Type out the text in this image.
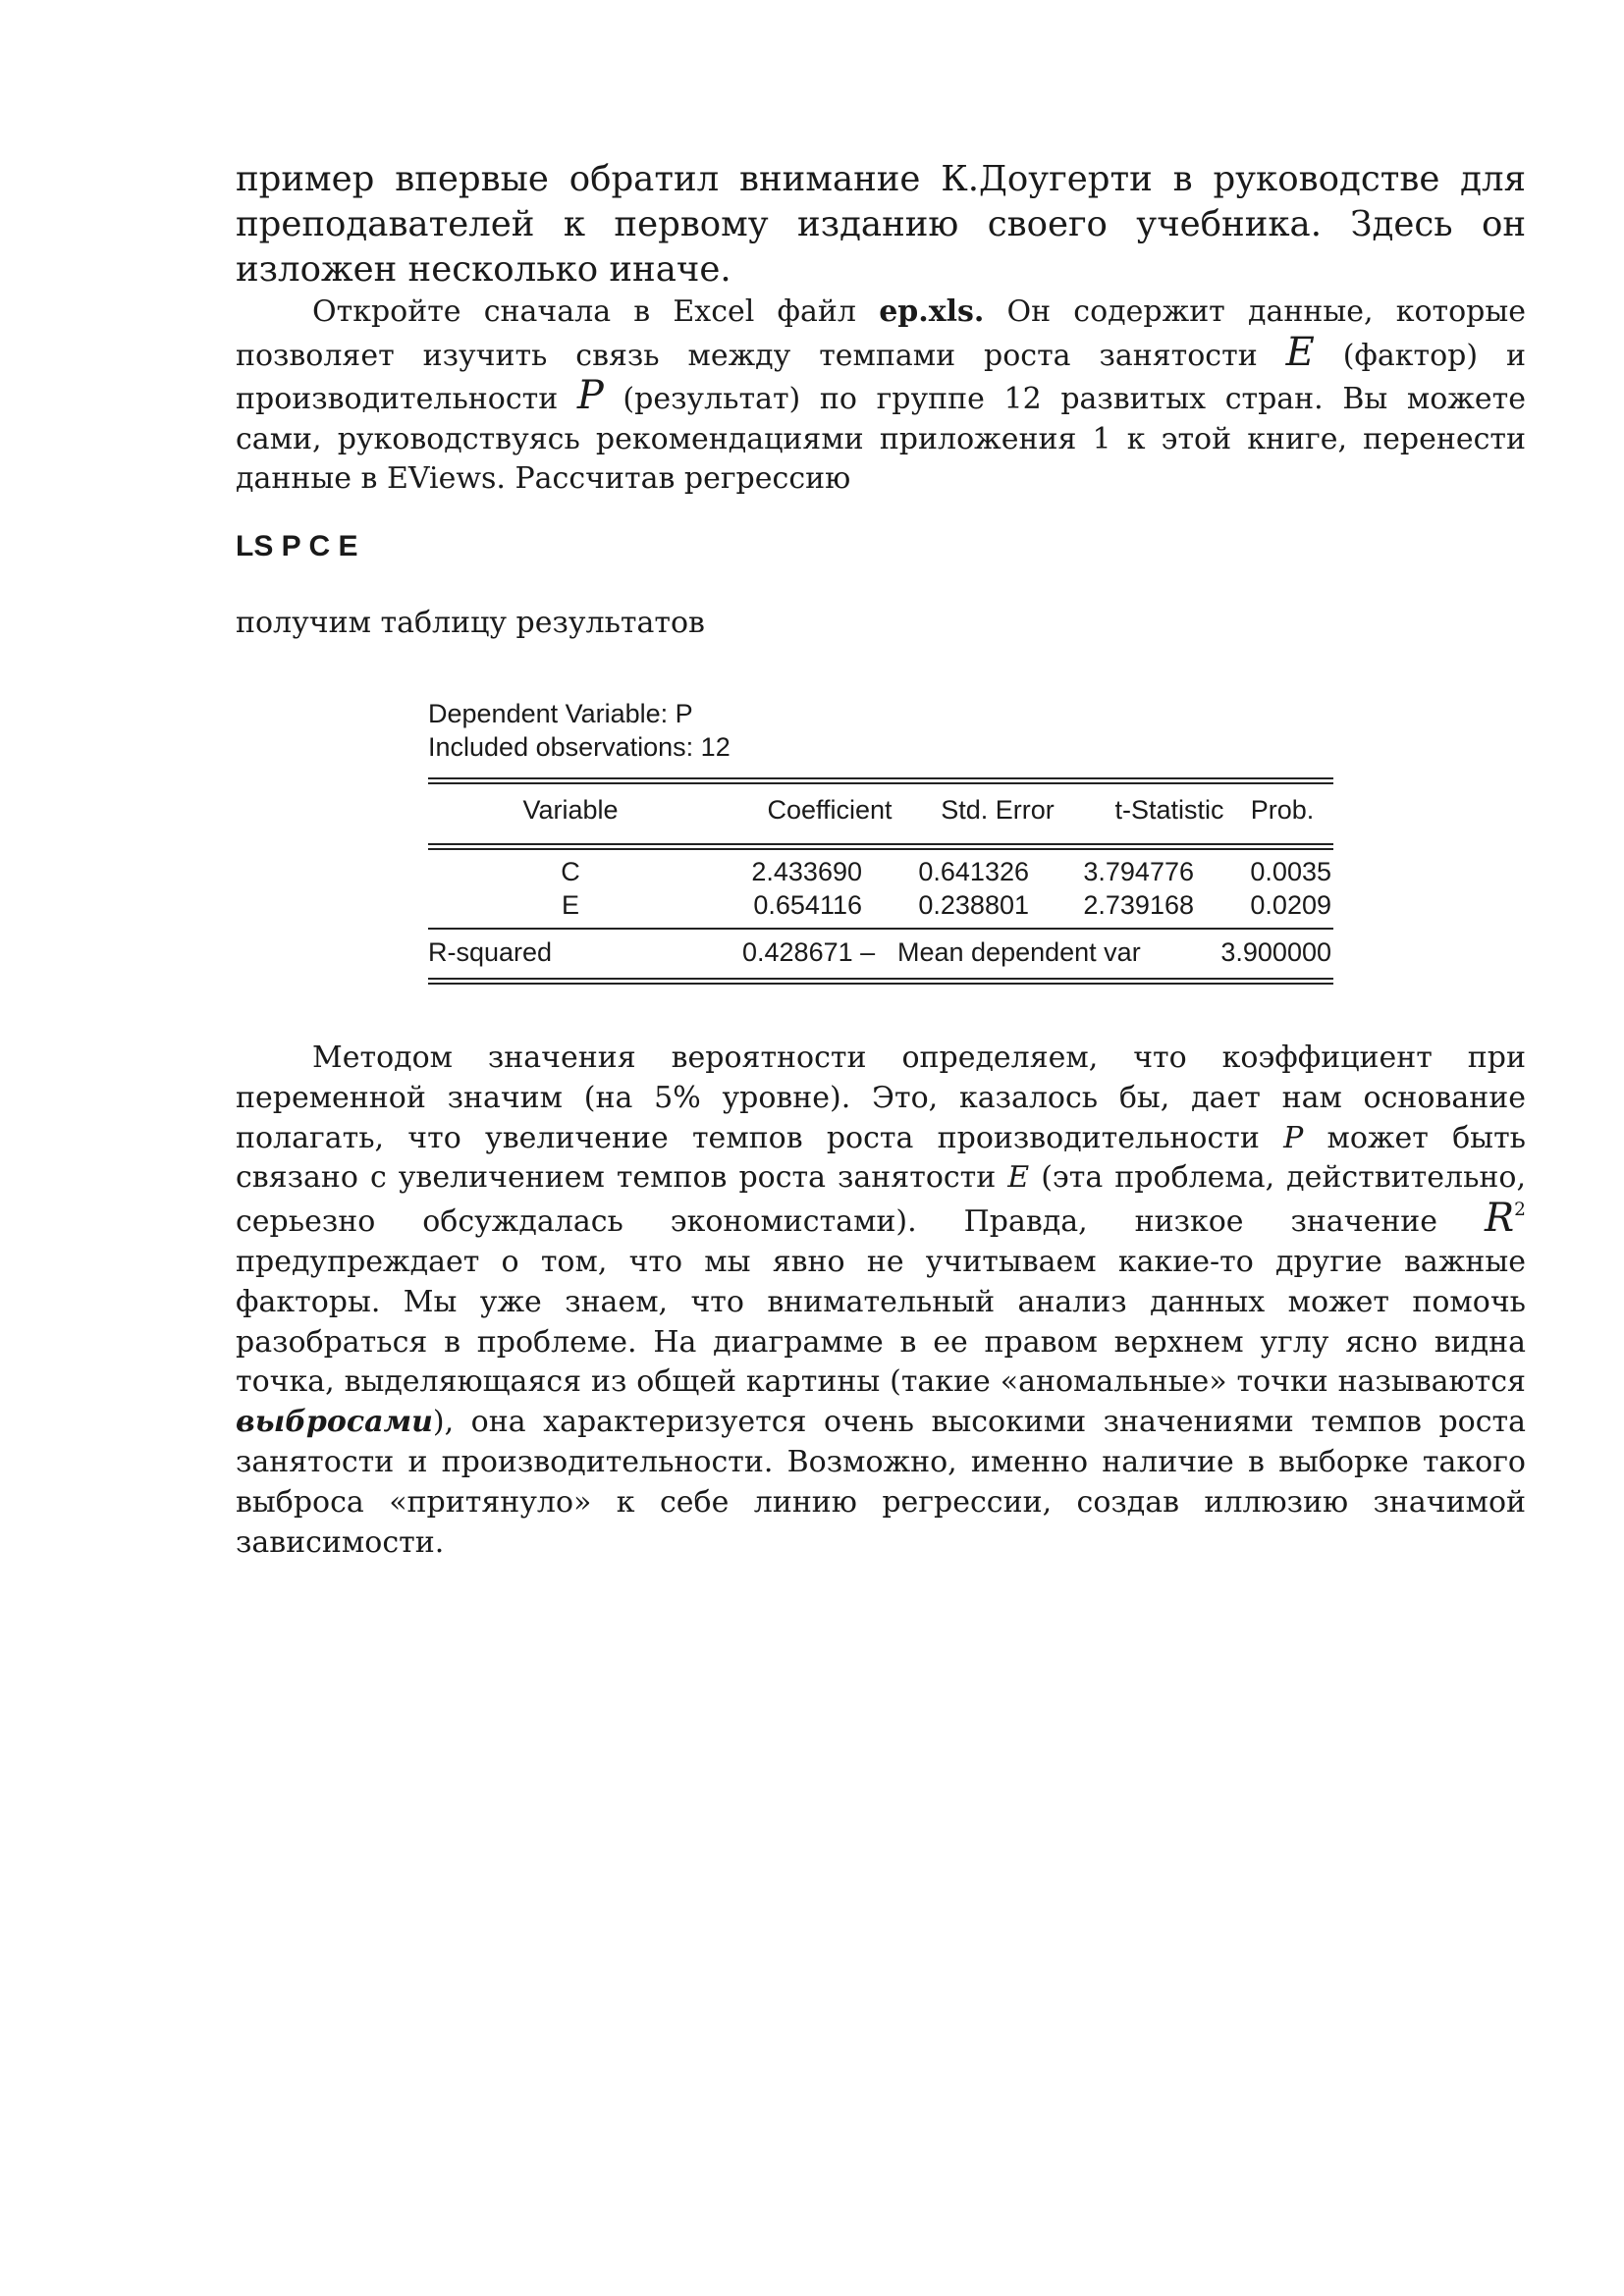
пример впервые обратил внимание К.Доугерти в руководстве для преподавателей к первому изданию своего учебника. Здесь он изложен несколько иначе.

Откройте сначала в Excel файл ep.xls. Он содержит данные, которые позволяет изучить связь между темпами роста занятости E (фактор) и производительности P (результат) по группе 12 развитых стран. Вы можете сами, руководствуясь рекомендациями приложения 1 к этой книге, перенести данные в EViews. Рассчитав регрессию

LS P C E
получим таблицу результатов
Dependent Variable: P
Included observations: 12
Variable	Coefficient	Std. Error	t-Statistic	Prob.
C	2.433690 0.641326 3.794776 0.0035
E	0.654116 0.238801 2.739168 0.0209
R-squared	0.428671 – Mean dependent var	3.900000

Методом значения вероятности определяем, что коэффициент при переменной значим (на 5% уровне). Это, казалось бы, дает нам основание полагать, что увеличение темпов роста производительности P может быть связано с увеличением темпов роста занятости E (эта проблема, действительно, серьезно обсуждалась экономистами). Правда, низкое значение $R^2$ предупреждает о том, что мы явно не учитываем какие-то другие важные факторы. Мы уже знаем, что внимательный анализ данных может помочь разобраться в проблеме. На диаграмме в ее правом верхнем углу ясно видна точка, выделяющаяся из общей картины (такие «аномальные» точки называются выбросами), она характеризуется очень высокими значениями темпов роста занятости и производительности. Возможно, именно наличие в выборке такого выброса «притянуло» к себе линию регрессии, создав иллюзию значимой зависимости.
